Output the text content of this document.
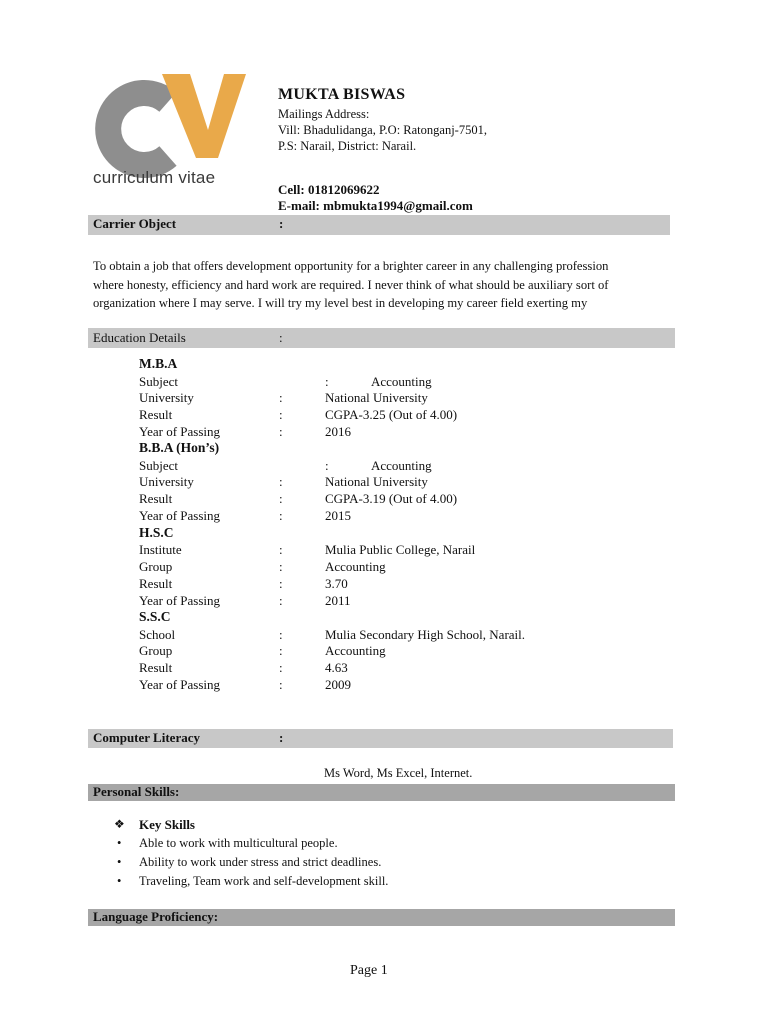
curriculum vitae
MUKTA BISWAS
Mailings Address:
Vill: Bhadulidanga, P.O: Ratonganj-7501,
P.S: Narail, District: Narail.
Cell: 01812069622
E-mail: mbmukta1994@gmail.com
Carrier Object	:
To obtain a job that offers development opportunity for a brighter career in any challenging profession
where honesty, efficiency and hard work are required. I never think of what should be auxiliary sort of
organization where I may serve. I will try my level best in developing my career field exerting my
Education Details	:
M.B.A
Subject	:	Accounting
University	:	National University
Result	:	CGPA-3.25 (Out of 4.00)
Year of Passing	:	2016
B.B.A (Hon’s)
Subject	:	Accounting
University	:	National University
Result	:	CGPA-3.19 (Out of 4.00)
Year of Passing	:	2015
H.S.C
Institute	:	Mulia Public College, Narail
Group	:	Accounting
Result	:	3.70
Year of Passing	:	2011
S.S.C
School	:	Mulia Secondary High School, Narail.
Group	:	Accounting
Result	:	4.63
Year of Passing	:	2009
Computer Literacy	:
Ms Word, Ms Excel, Internet.
Personal Skills:
❖ Key Skills
• Able to work with multicultural people.
• Ability to work under stress and strict deadlines.
• Traveling, Team work and self-development skill.
Language Proficiency:
Page 1
